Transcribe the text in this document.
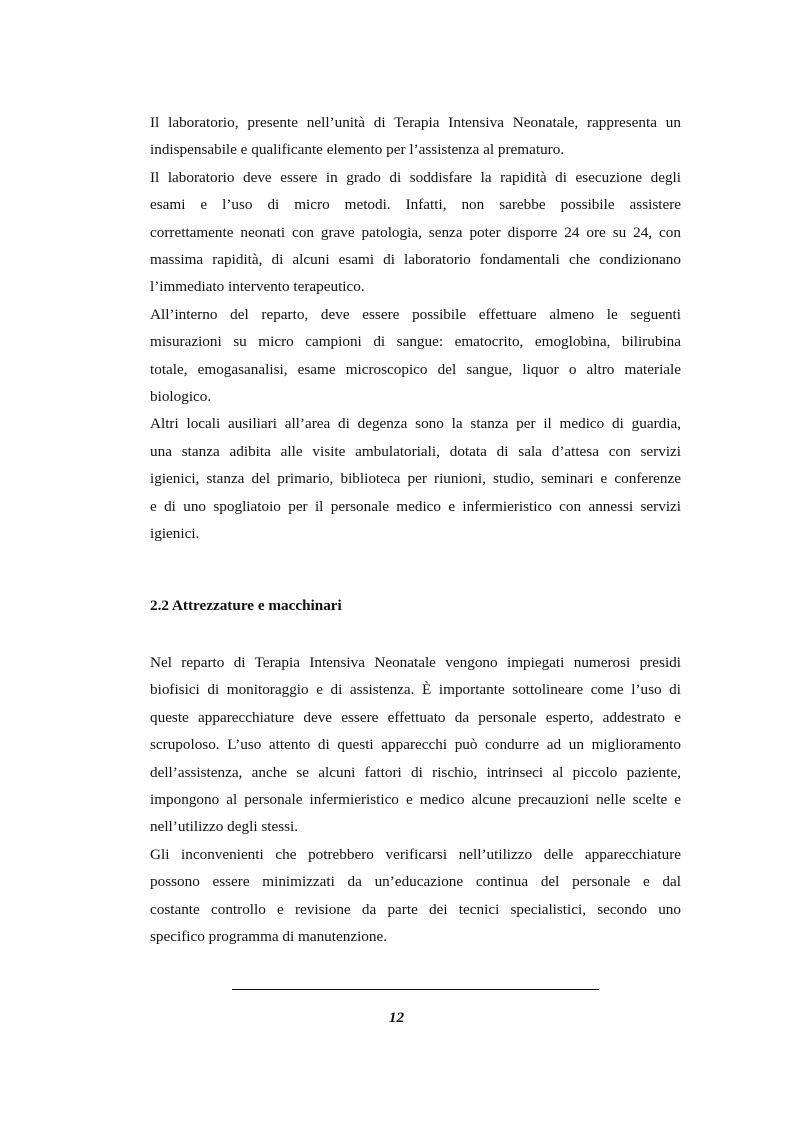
Il laboratorio, presente nell’unità di Terapia Intensiva Neonatale, rappresenta un
indispensabile e qualificante elemento per l’assistenza al prematuro.

Il laboratorio deve essere in grado di soddisfare la rapidità di esecuzione degli
esami e l’uso di micro metodi. Infatti, non sarebbe possibile assistere
correttamente neonati con grave patologia, senza poter disporre 24 ore su 24, con
massima rapidità, di alcuni esami di laboratorio fondamentali che condizionano
l’immediato intervento terapeutico.

All’interno del reparto, deve essere possibile effettuare almeno le seguenti
misurazioni su micro campioni di sangue: ematocrito, emoglobina, bilirubina
totale, emogasanalisi, esame microscopico del sangue, liquor o altro materiale
biologico.

Altri locali ausiliari all’area di degenza sono la stanza per il medico di guardia,
una stanza adibita alle visite ambulatoriali, dotata di sala d’attesa con servizi
igienici, stanza del primario, biblioteca per riunioni, studio, seminari e conferenze
e di uno spogliatoio per il personale medico e infermieristico con annessi servizi
igienici.

2.2 Attrezzature e macchinari

Nel reparto di Terapia Intensiva Neonatale vengono impiegati numerosi presidi
biofisici di monitoraggio e di assistenza. È importante sottolineare come l’uso di
queste apparecchiature deve essere effettuato da personale esperto, addestrato e
scrupoloso. L’uso attento di questi apparecchi può condurre ad un miglioramento
dell’assistenza, anche se alcuni fattori di rischio, intrinseci al piccolo paziente,
impongono al personale infermieristico e medico alcune precauzioni nelle scelte e
nell’utilizzo degli stessi.

Gli inconvenienti che potrebbero verificarsi nell’utilizzo delle apparecchiature
possono essere minimizzati da un’educazione continua del personale e dal
costante controllo e revisione da parte dei tecnici specialistici, secondo uno
specifico programma di manutenzione.

12
